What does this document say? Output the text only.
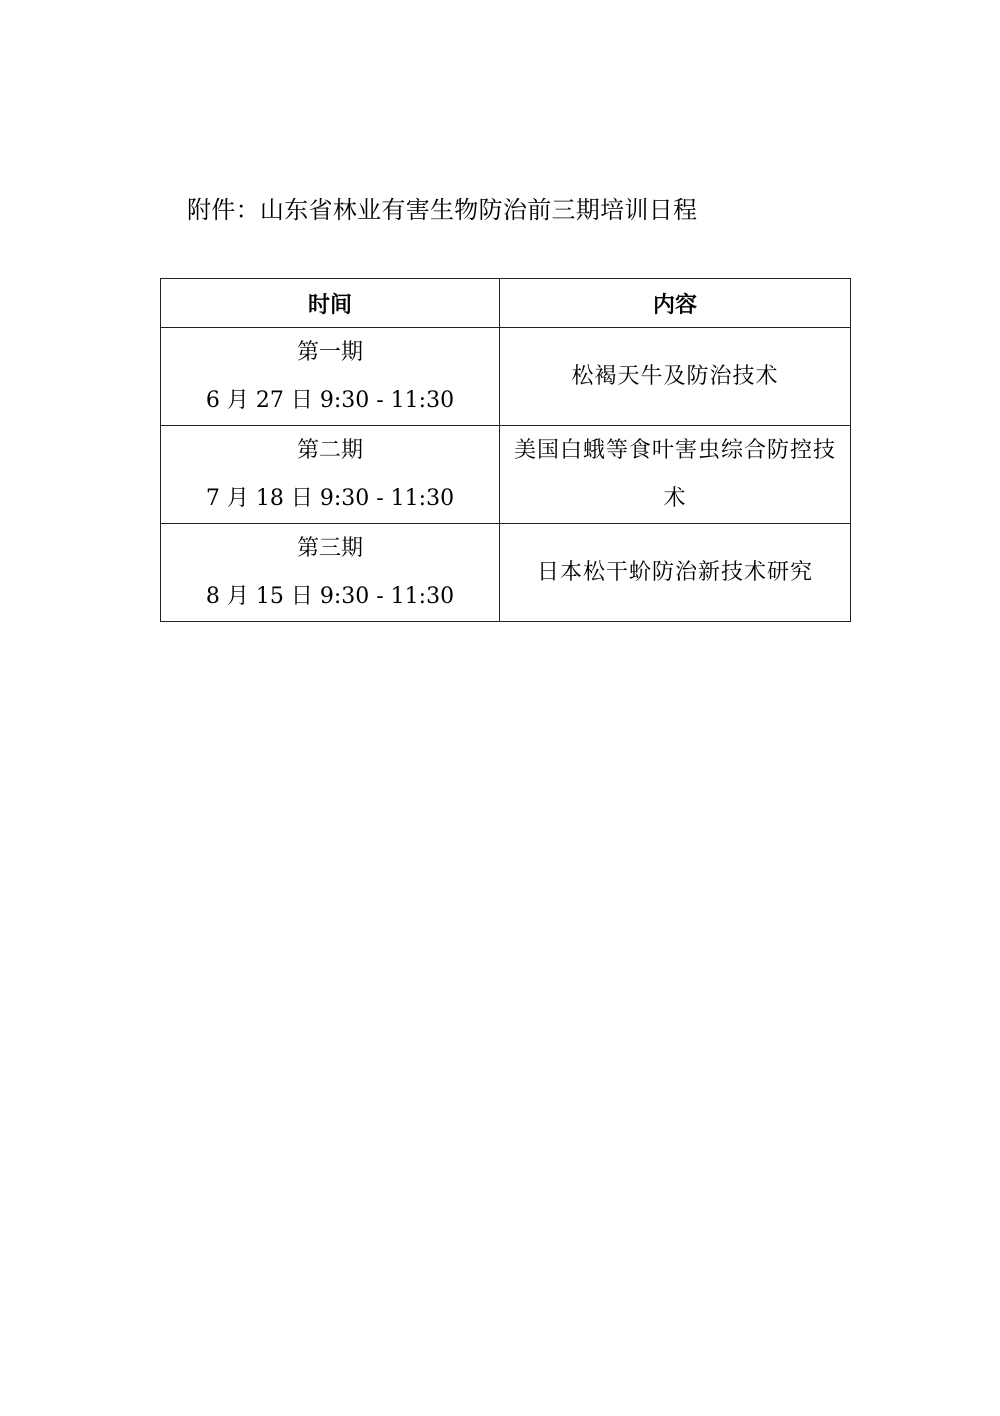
附件：山东省林业有害生物防治前三期培训日程
时间	内容

第一期
6 月 27 日 9:30 - 11:30	松褐天牛及防治技术

第二期
7 月 18 日 9:30 - 11:30	美国白蛾等食叶害虫综合防控技术

第三期
8 月 15 日 9:30 - 11:30	日本松干蚧防治新技术研究
